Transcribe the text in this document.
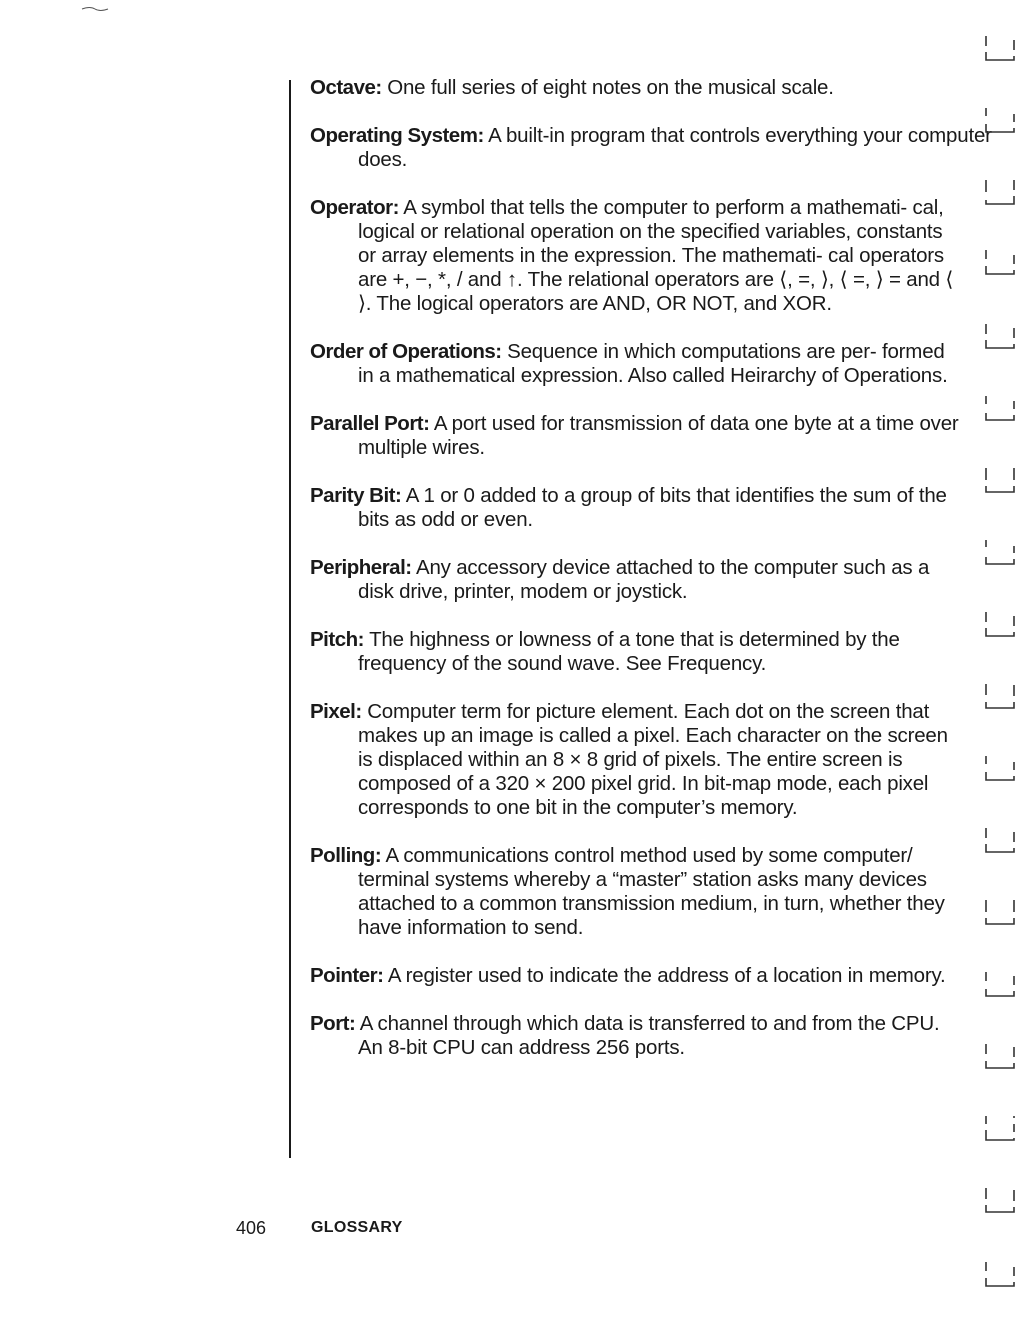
Octave: One full series of eight notes on the musical scale.

Operating System: A built-in program that controls everything your computer does.

Operator: A symbol that tells the computer to perform a mathemati- cal, logical or relational operation on the specified variables, constants or array elements in the expression. The mathemati- cal operators are +, −, *, / and ↑. The relational operators are ⟨, =, ⟩, ⟨ =, ⟩ = and ⟨ ⟩. The logical operators are AND, OR NOT, and XOR.

Order of Operations: Sequence in which computations are per- formed in a mathematical expression. Also called Heirarchy of Operations.

Parallel Port: A port used for transmission of data one byte at a time over multiple wires.

Parity Bit: A 1 or 0 added to a group of bits that identifies the sum of the bits as odd or even.

Peripheral: Any accessory device attached to the computer such as a disk drive, printer, modem or joystick.

Pitch: The highness or lowness of a tone that is determined by the frequency of the sound wave. See Frequency.

Pixel: Computer term for picture element. Each dot on the screen that makes up an image is called a pixel. Each character on the screen is displaced within an 8 × 8 grid of pixels. The entire screen is composed of a 320 × 200 pixel grid. In bit-map mode, each pixel corresponds to one bit in the computer’s memory.

Polling: A communications control method used by some computer/ terminal systems whereby a “master” station asks many devices attached to a common transmission medium, in turn, whether they have information to send.

Pointer: A register used to indicate the address of a location in memory.

Port: A channel through which data is transferred to and from the CPU. An 8-bit CPU can address 256 ports.

406	GLOSSARY
